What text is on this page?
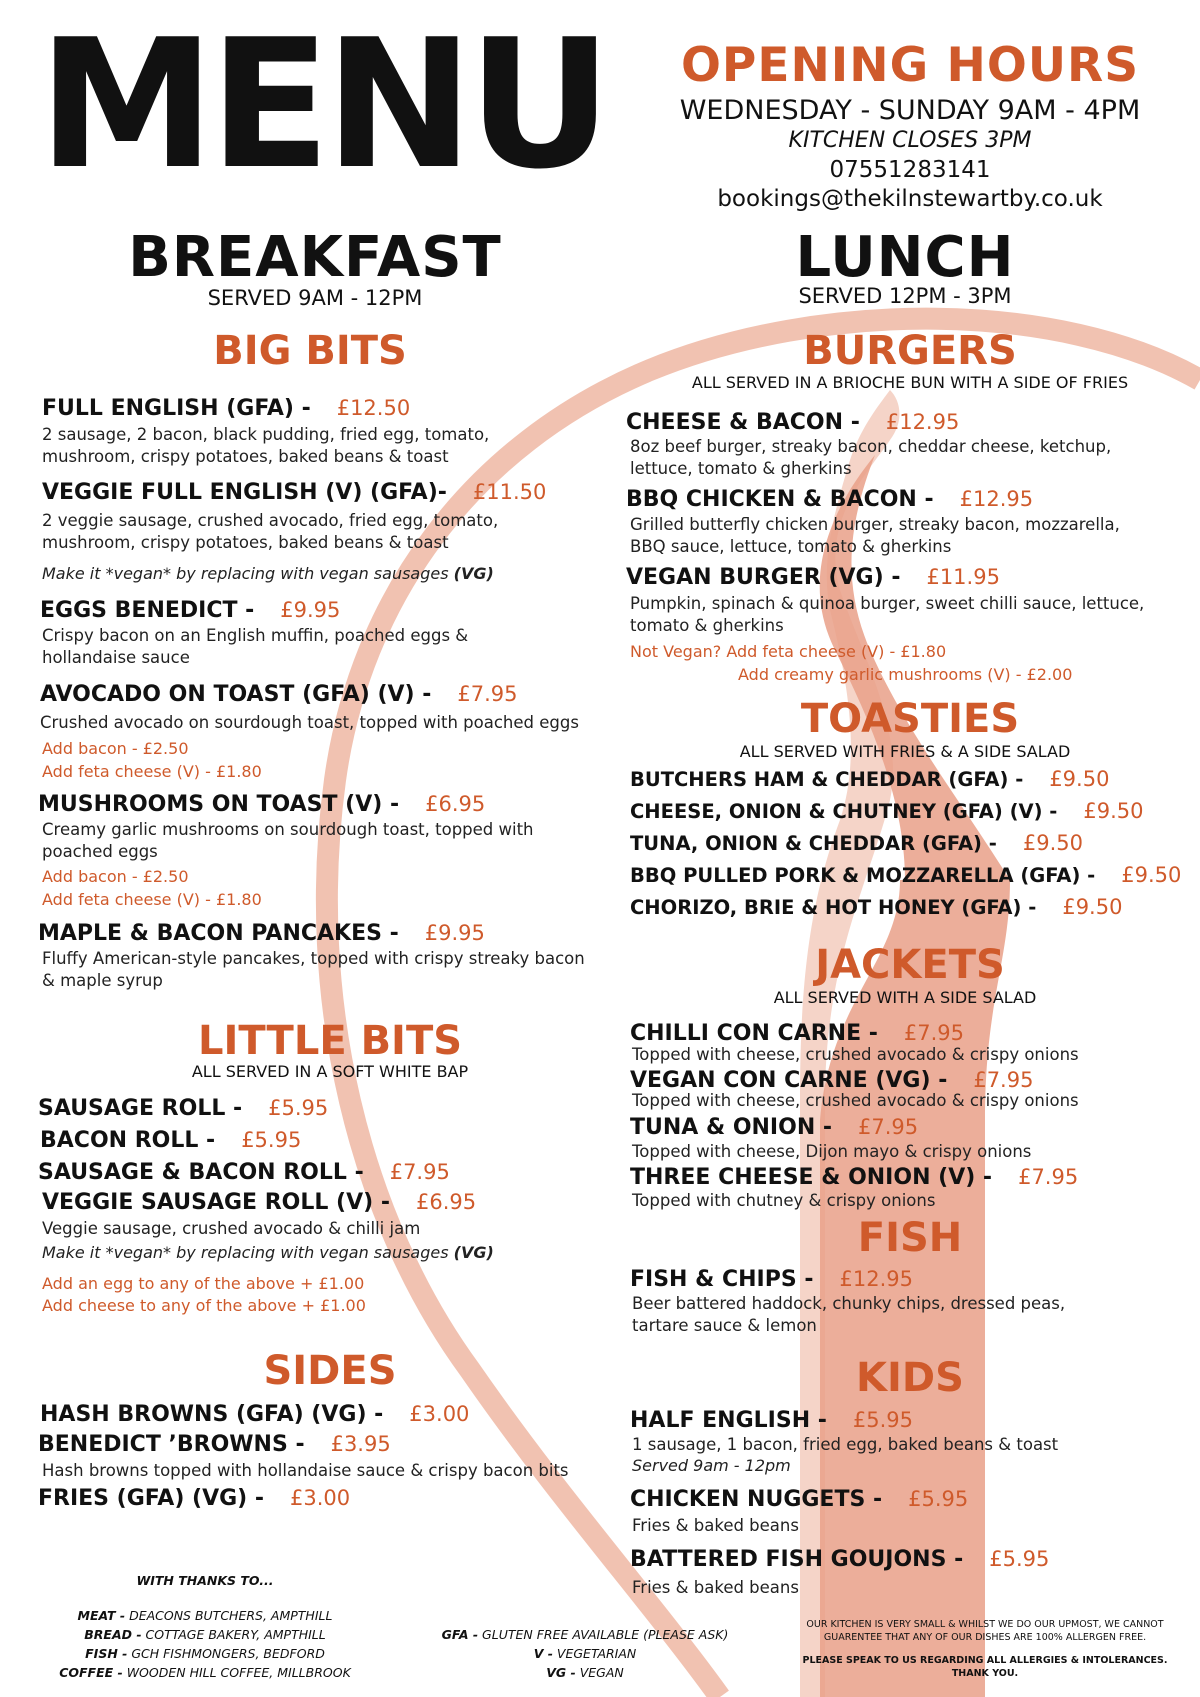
MENU	OPENING HOURS
WEDNESDAY - SUNDAY 9AM - 4PM
KITCHEN CLOSES 3PM
07551283141
bookings@thekilnstewartby.co.uk
BREAKFAST
SERVED 9AM - 12PM
LUNCH
SERVED 12PM - 3PM
BIG BITS
FULL ENGLISH (GFA) - £12.50
2 sausage, 2 bacon, black pudding, fried egg, tomato, mushroom, crispy potatoes, baked beans & toast
VEGGIE FULL ENGLISH (V) (GFA)- £11.50
2 veggie sausage, crushed avocado, fried egg, tomato, mushroom, crispy potatoes, baked beans & toast
Make it *vegan* by replacing with vegan sausages (VG)
EGGS BENEDICT - £9.95
Crispy bacon on an English muffin, poached eggs & hollandaise sauce
AVOCADO ON TOAST (GFA) (V) - £7.95
Crushed avocado on sourdough toast, topped with poached eggs
Add bacon - £2.50
Add feta cheese (V) - £1.80
MUSHROOMS ON TOAST (V) - £6.95
Creamy garlic mushrooms on sourdough toast, topped with poached eggs
Add bacon - £2.50
Add feta cheese (V) - £1.80
MAPLE & BACON PANCAKES - £9.95
Fluffy American-style pancakes, topped with crispy streaky bacon & maple syrup
LITTLE BITS
ALL SERVED IN A SOFT WHITE BAP
SAUSAGE ROLL - £5.95
BACON ROLL - £5.95
SAUSAGE & BACON ROLL - £7.95
VEGGIE SAUSAGE ROLL (V) - £6.95
Veggie sausage, crushed avocado & chilli jam
Make it *vegan* by replacing with vegan sausages (VG)
Add an egg to any of the above + £1.00
Add cheese to any of the above + £1.00
SIDES
HASH BROWNS (GFA) (VG) - £3.00
BENEDICT ’BROWNS - £3.95
Hash browns topped with hollandaise sauce & crispy bacon bits
FRIES (GFA) (VG) - £3.00
BURGERS
ALL SERVED IN A BRIOCHE BUN WITH A SIDE OF FRIES
CHEESE & BACON - £12.95
8oz beef burger, streaky bacon, cheddar cheese, ketchup, lettuce, tomato & gherkins
BBQ CHICKEN & BACON - £12.95
Grilled butterfly chicken burger, streaky bacon, mozzarella, BBQ sauce, lettuce, tomato & gherkins
VEGAN BURGER (VG) - £11.95
Pumpkin, spinach & quinoa burger, sweet chilli sauce, lettuce, tomato & gherkins
Not Vegan? Add feta cheese (V) - £1.80
Add creamy garlic mushrooms (V) - £2.00
TOASTIES
ALL SERVED WITH FRIES & A SIDE SALAD
BUTCHERS HAM & CHEDDAR (GFA) - £9.50
CHEESE, ONION & CHUTNEY (GFA) (V) - £9.50
TUNA, ONION & CHEDDAR (GFA) - £9.50
BBQ PULLED PORK & MOZZARELLA (GFA) - £9.50
CHORIZO, BRIE & HOT HONEY (GFA) - £9.50
JACKETS
ALL SERVED WITH A SIDE SALAD
CHILLI CON CARNE - £7.95
Topped with cheese, crushed avocado & crispy onions
VEGAN CON CARNE (VG) - £7.95
Topped with cheese, crushed avocado & crispy onions
TUNA & ONION - £7.95
Topped with cheese, Dijon mayo & crispy onions
THREE CHEESE & ONION (V) - £7.95
Topped with chutney & crispy onions
FISH
FISH & CHIPS - £12.95
Beer battered haddock, chunky chips, dressed peas, tartare sauce & lemon
KIDS
HALF ENGLISH - £5.95
1 sausage, 1 bacon, fried egg, baked beans & toast
Served 9am - 12pm
CHICKEN NUGGETS - £5.95
Fries & baked beans
BATTERED FISH GOUJONS - £5.95
Fries & baked beans
WITH THANKS TO...
MEAT - DEACONS BUTCHERS, AMPTHILL
BREAD - COTTAGE BAKERY, AMPTHILL
FISH - GCH FISHMONGERS, BEDFORD
COFFEE - WOODEN HILL COFFEE, MILLBROOK
GFA - GLUTEN FREE AVAILABLE (PLEASE ASK)
V - VEGETARIAN
VG - VEGAN
OUR KITCHEN IS VERY SMALL & WHILST WE DO OUR UPMOST, WE CANNOT
GUARENTEE THAT ANY OF OUR DISHES ARE 100% ALLERGEN FREE.
PLEASE SPEAK TO US REGARDING ALL ALLERGIES & INTOLERANCES.
THANK YOU.
